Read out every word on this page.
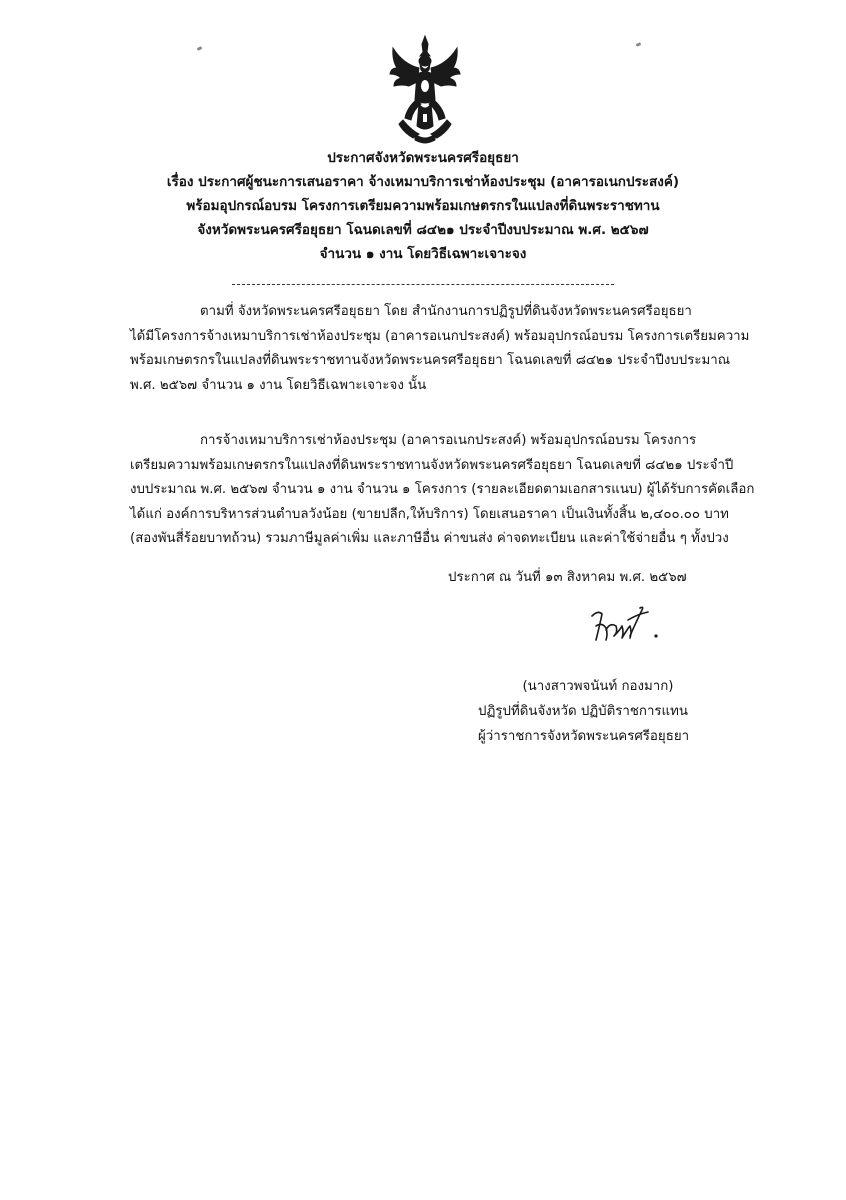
ประกาศจังหวัดพระนครศรีอยุธยา
เรื่อง ประกาศผู้ชนะการเสนอราคา จ้างเหมาบริการเช่าห้องประชุม (อาคารอเนกประสงค์)
พร้อมอุปกรณ์อบรม โครงการเตรียมความพร้อมเกษตรกรในแปลงที่ดินพระราชทาน
จังหวัดพระนครศรีอยุธยา โฉนดเลขที่ ๘๔๒๑ ประจำปีงบประมาณ พ.ศ. ๒๕๖๗
จำนวน ๑ งาน โดยวิธีเฉพาะเจาะจง
ตามที่ จังหวัดพระนครศรีอยุธยา โดย สำนักงานการปฏิรูปที่ดินจังหวัดพระนครศรีอยุธยา
ได้มีโครงการจ้างเหมาบริการเช่าห้องประชุม (อาคารอเนกประสงค์) พร้อมอุปกรณ์อบรม โครงการเตรียมความ
พร้อมเกษตรกรในแปลงที่ดินพระราชทานจังหวัดพระนครศรีอยุธยา โฉนดเลขที่ ๘๔๒๑ ประจำปีงบประมาณ
พ.ศ. ๒๕๖๗ จำนวน ๑ งาน โดยวิธีเฉพาะเจาะจง นั้น
การจ้างเหมาบริการเช่าห้องประชุม (อาคารอเนกประสงค์) พร้อมอุปกรณ์อบรม โครงการ
เตรียมความพร้อมเกษตรกรในแปลงที่ดินพระราชทานจังหวัดพระนครศรีอยุธยา โฉนดเลขที่ ๘๔๒๑ ประจำปี
งบประมาณ พ.ศ. ๒๕๖๗ จำนวน ๑ งาน จำนวน ๑ โครงการ (รายละเอียดตามเอกสารแนบ) ผู้ได้รับการคัดเลือก
ได้แก่ องค์การบริหารส่วนตำบลวังน้อย (ขายปลีก,ให้บริการ) โดยเสนอราคา เป็นเงินทั้งสิ้น ๒,๔๐๐.๐๐ บาท
(สองพันสี่ร้อยบาทถ้วน) รวมภาษีมูลค่าเพิ่ม และภาษีอื่น ค่าขนส่ง ค่าจดทะเบียน และค่าใช้จ่ายอื่น ๆ ทั้งปวง
ประกาศ ณ วันที่ ๑๓ สิงหาคม พ.ศ. ๒๕๖๗
(นางสาวพจนันท์ กองมาก)
ปฏิรูปที่ดินจังหวัด ปฏิบัติราชการแทน
ผู้ว่าราชการจังหวัดพระนครศรีอยุธยา
